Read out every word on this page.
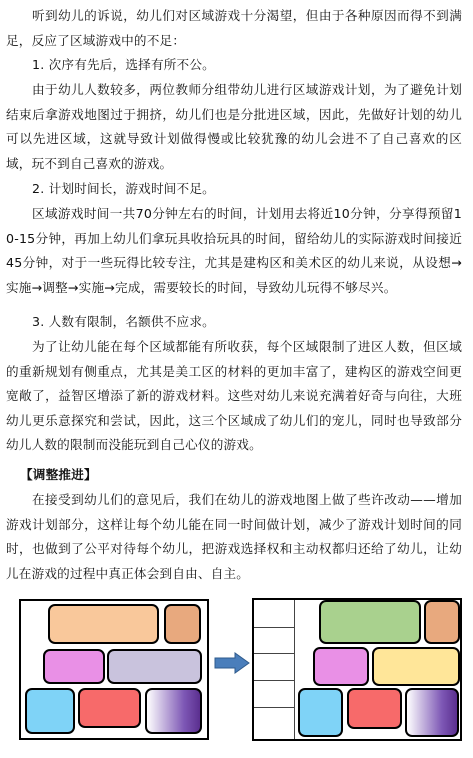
听到幼儿的诉说，幼儿们对区域游戏十分渴望，但由于各种原因而得不到满足，反应了区域游戏中的不足：
1. 次序有先后，选择有所不公。
由于幼儿人数较多，两位教师分组带幼儿进行区域游戏计划，为了避免计划结束后拿游戏地图过于拥挤，幼儿们也是分批进区域，因此，先做好计划的幼儿可以先进区域，这就导致计划做得慢或比较犹豫的幼儿会进不了自己喜欢的区域，玩不到自己喜欢的游戏。
2. 计划时间长，游戏时间不足。
区域游戏时间一共70分钟左右的时间，计划用去将近10分钟，分享得预留10-15分钟，再加上幼儿们拿玩具收拾玩具的时间，留给幼儿的实际游戏时间接近45分钟，对于一些玩得比较专注，尤其是建构区和美术区的幼儿来说，从设想→实施→调整→实施→完成，需要较长的时间，导致幼儿玩得不够尽兴。
3. 人数有限制，名额供不应求。
为了让幼儿能在每个区域都能有所收获，每个区域限制了进区人数，但区域的重新规划有侧重点，尤其是美工区的材料的更加丰富了，建构区的游戏空间更宽敞了，益智区增添了新的游戏材料。这些对幼儿来说充满着好奇与向往，大班幼儿更乐意探究和尝试，因此，这三个区域成了幼儿们的宠儿，同时也导致部分幼儿人数的限制而没能玩到自己心仪的游戏。
【调整推进】
在接受到幼儿们的意见后，我们在幼儿的游戏地图上做了些许改动——增加游戏计划部分，这样让每个幼儿能在同一时间做计划，减少了游戏计划时间的同时，也做到了公平对待每个幼儿，把游戏选择权和主动权都归还给了幼儿，让幼儿在游戏的过程中真正体会到自由、自主。
